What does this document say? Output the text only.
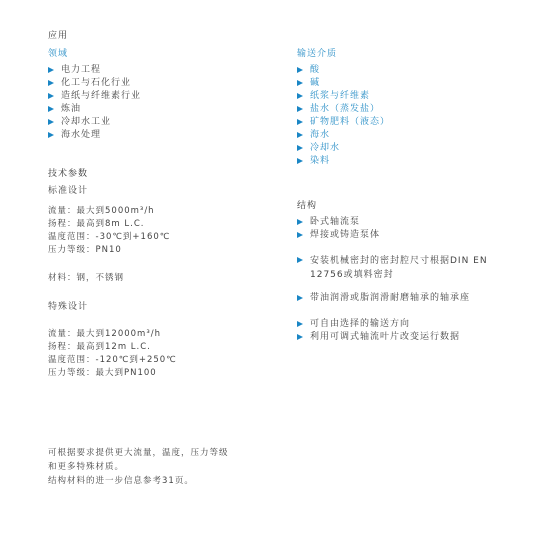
应用
领域
电力工程
化工与石化行业
造纸与纤维素行业
炼油
冷却水工业
海水处理
输送介质
酸
碱
纸浆与纤维素
盐水（蒸发盐）
矿物肥料（液态）
海水
冷却水
染料
技术参数
标准设计
流量：最大到5000m³/h
扬程：最高到8m L.C.
温度范围：-30℃到+160℃
压力等级：PN10
材料：钢，不锈钢
特殊设计
流量：最大到12000m³/h
扬程：最高到12m L.C.
温度范围：-120℃到+250℃
压力等级：最大到PN100
可根据要求提供更大流量，温度，压力等级
和更多特殊材质。
结构材料的进一步信息参考31页。
结构
卧式轴流泵
焊接或铸造泵体
安装机械密封的密封腔尺寸根据DIN EN 12756或填料密封
带油润滑或脂润滑耐磨轴承的轴承座
可自由选择的输送方向
利用可调式轴流叶片改变运行数据
